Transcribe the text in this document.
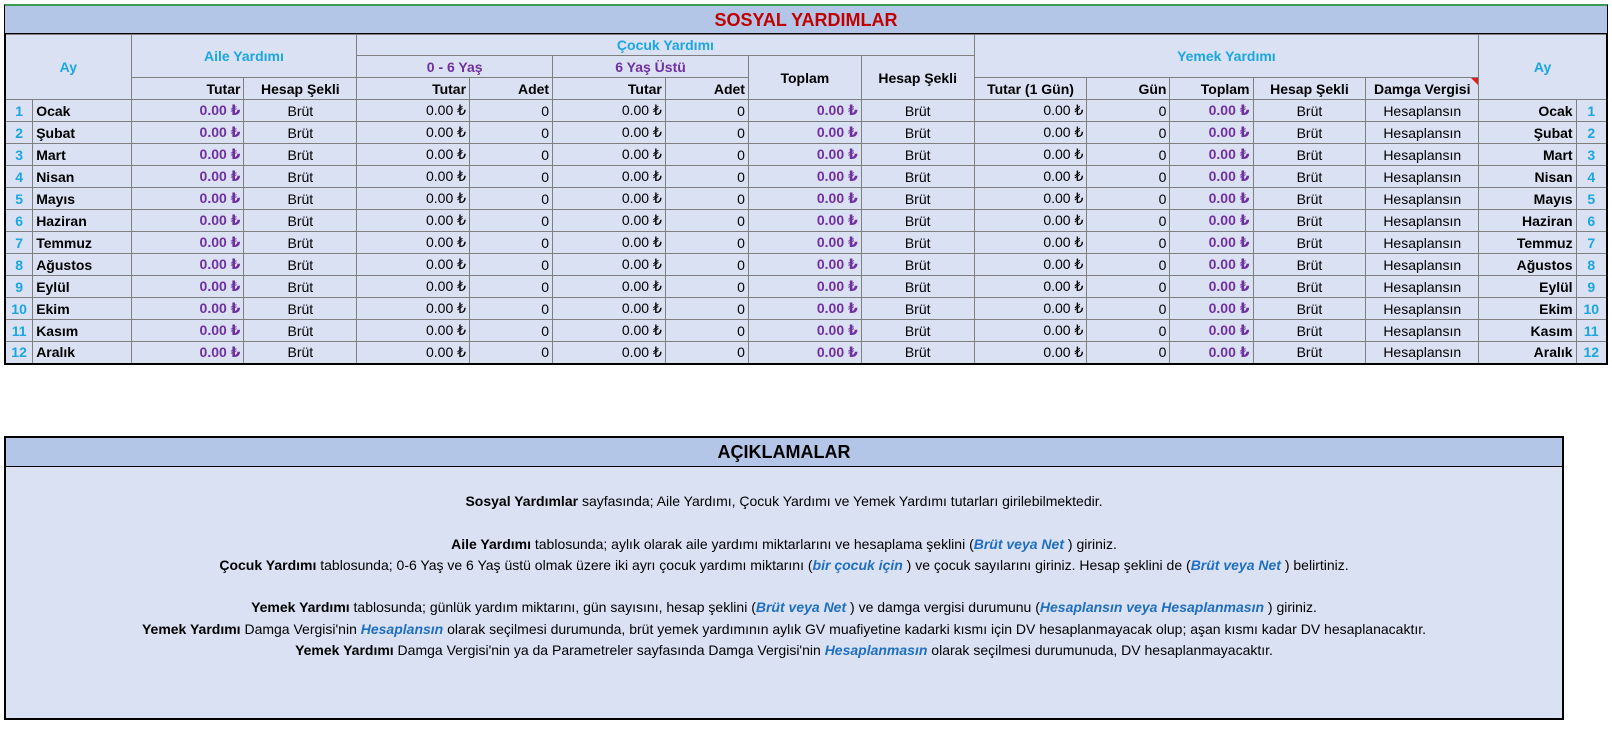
SOSYAL YARDIMLAR
Ay		Aile Yardımı		Çocuk Yardımı						Yemek Yardımı					Ay	
				0 - 6 Yaş		6 Yaş Üstü		Toplam	Hesap Şekli							
		Tutar	Hesap Şekli	Tutar	Adet	Tutar	Adet			Tutar (1 Gün)	Gün	Toplam	Hesap Şekli	Damga Vergisi		
1	Ocak	0.00 ₺	Brüt	0.00 ₺	0	0.00 ₺	0	0.00 ₺	Brüt	0.00 ₺	0	0.00 ₺	Brüt	Hesaplansın	Ocak	1
2	Şubat	0.00 ₺	Brüt	0.00 ₺	0	0.00 ₺	0	0.00 ₺	Brüt	0.00 ₺	0	0.00 ₺	Brüt	Hesaplansın	Şubat	2
3	Mart	0.00 ₺	Brüt	0.00 ₺	0	0.00 ₺	0	0.00 ₺	Brüt	0.00 ₺	0	0.00 ₺	Brüt	Hesaplansın	Mart	3
4	Nisan	0.00 ₺	Brüt	0.00 ₺	0	0.00 ₺	0	0.00 ₺	Brüt	0.00 ₺	0	0.00 ₺	Brüt	Hesaplansın	Nisan	4
5	Mayıs	0.00 ₺	Brüt	0.00 ₺	0	0.00 ₺	0	0.00 ₺	Brüt	0.00 ₺	0	0.00 ₺	Brüt	Hesaplansın	Mayıs	5
6	Haziran	0.00 ₺	Brüt	0.00 ₺	0	0.00 ₺	0	0.00 ₺	Brüt	0.00 ₺	0	0.00 ₺	Brüt	Hesaplansın	Haziran	6
7	Temmuz	0.00 ₺	Brüt	0.00 ₺	0	0.00 ₺	0	0.00 ₺	Brüt	0.00 ₺	0	0.00 ₺	Brüt	Hesaplansın	Temmuz	7
8	Ağustos	0.00 ₺	Brüt	0.00 ₺	0	0.00 ₺	0	0.00 ₺	Brüt	0.00 ₺	0	0.00 ₺	Brüt	Hesaplansın	Ağustos	8
9	Eylül	0.00 ₺	Brüt	0.00 ₺	0	0.00 ₺	0	0.00 ₺	Brüt	0.00 ₺	0	0.00 ₺	Brüt	Hesaplansın	Eylül	9
10	Ekim	0.00 ₺	Brüt	0.00 ₺	0	0.00 ₺	0	0.00 ₺	Brüt	0.00 ₺	0	0.00 ₺	Brüt	Hesaplansın	Ekim	10
11	Kasım	0.00 ₺	Brüt	0.00 ₺	0	0.00 ₺	0	0.00 ₺	Brüt	0.00 ₺	0	0.00 ₺	Brüt	Hesaplansın	Kasım	11
12	Aralık	0.00 ₺	Brüt	0.00 ₺	0	0.00 ₺	0	0.00 ₺	Brüt	0.00 ₺	0	0.00 ₺	Brüt	Hesaplansın	Aralık	12
AÇIKLAMALAR
Sosyal Yardımlar sayfasında; Aile Yardımı, Çocuk Yardımı ve Yemek Yardımı tutarları girilebilmektedir.
Aile Yardımı tablosunda; aylık olarak aile yardımı miktarlarını ve hesaplama şeklini (Brüt veya Net ) giriniz.
Çocuk Yardımı tablosunda; 0-6 Yaş ve 6 Yaş üstü olmak üzere iki ayrı çocuk yardımı miktarını (bir çocuk için ) ve çocuk sayılarını giriniz. Hesap şeklini de (Brüt veya Net ) belirtiniz.
Yemek Yardımı tablosunda; günlük yardım miktarını, gün sayısını, hesap şeklini (Brüt veya Net ) ve damga vergisi durumunu (Hesaplansın veya Hesaplanmasın ) giriniz.
Yemek Yardımı Damga Vergisi'nin Hesaplansın olarak seçilmesi durumunda, brüt yemek yardımının aylık GV muafiyetine kadarki kısmı için DV hesaplanmayacak olup; aşan kısmı kadar DV hesaplanacaktır.
Yemek Yardımı Damga Vergisi'nin ya da Parametreler sayfasında Damga Vergisi'nin Hesaplanmasın olarak seçilmesi durumunuda, DV hesaplanmayacaktır.
